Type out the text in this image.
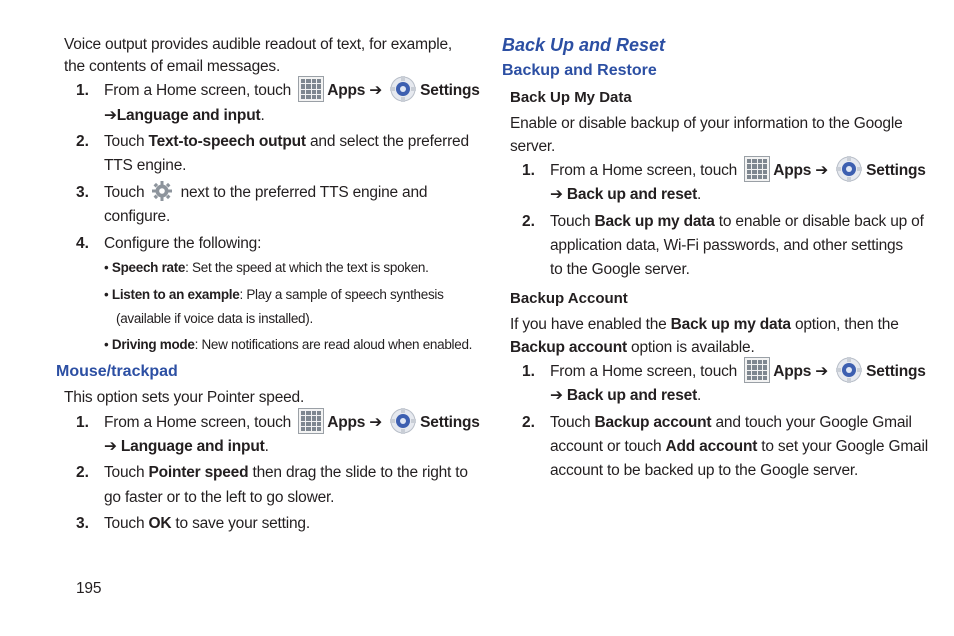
Voice output provides audible readout of text, for example,
the contents of email messages.
1. From a Home screen, touch Apps ➔ Settings
➔Language and input.
2. Touch Text-to-speech output and select the preferred
TTS engine.
3. Touch next to the preferred TTS engine and
configure.
4. Configure the following:
• Speech rate: Set the speed at which the text is spoken.
• Listen to an example: Play a sample of speech synthesis
(available if voice data is installed).
• Driving mode: New notifications are read aloud when enabled.
Mouse/trackpad
This option sets your Pointer speed.
1. From a Home screen, touch Apps ➔ Settings
➔ Language and input.
2. Touch Pointer speed then drag the slide to the right to
go faster or to the left to go slower.
3. Touch OK to save your setting.
195
Back Up and Reset
Backup and Restore
Back Up My Data
Enable or disable backup of your information to the Google
server.
1. From a Home screen, touch Apps ➔ Settings
➔ Back up and reset.
2. Touch Back up my data to enable or disable back up of
application data, Wi-Fi passwords, and other settings
to the Google server.
Backup Account
If you have enabled the Back up my data option, then the
Backup account option is available.
1. From a Home screen, touch Apps ➔ Settings
➔ Back up and reset.
2. Touch Backup account and touch your Google Gmail
account or touch Add account to set your Google Gmail
account to be backed up to the Google server.
